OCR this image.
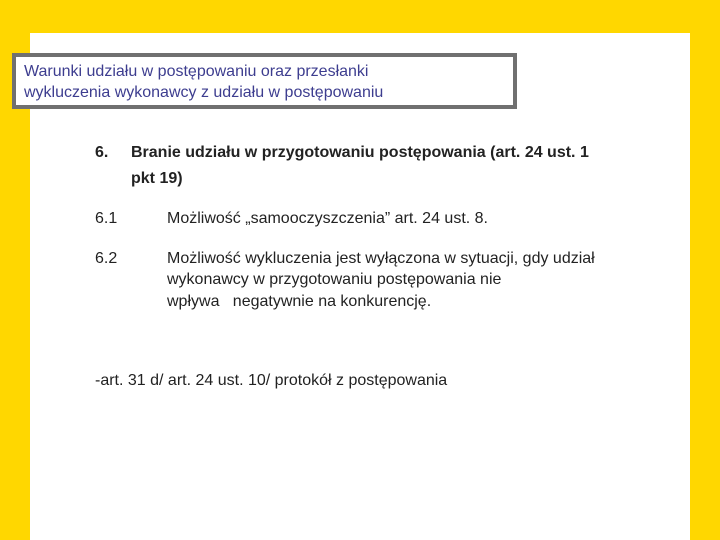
Warunki udziału w postępowaniu oraz przesłanki
wykluczenia wykonawcy z udziału w postępowaniu
6. Branie udziału w przygotowaniu postępowania (art. 24 ust. 1
pkt 19)
6.1	Możliwość „samooczyszczenia” art. 24 ust. 8.
6.2	Możliwość wykluczenia jest wyłączona w sytuacji, gdy udział
wykonawcy w przygotowaniu postępowania nie
wpływa   negatywnie na konkurencję.
-art. 31 d/ art. 24 ust. 10/ protokół z postępowania
